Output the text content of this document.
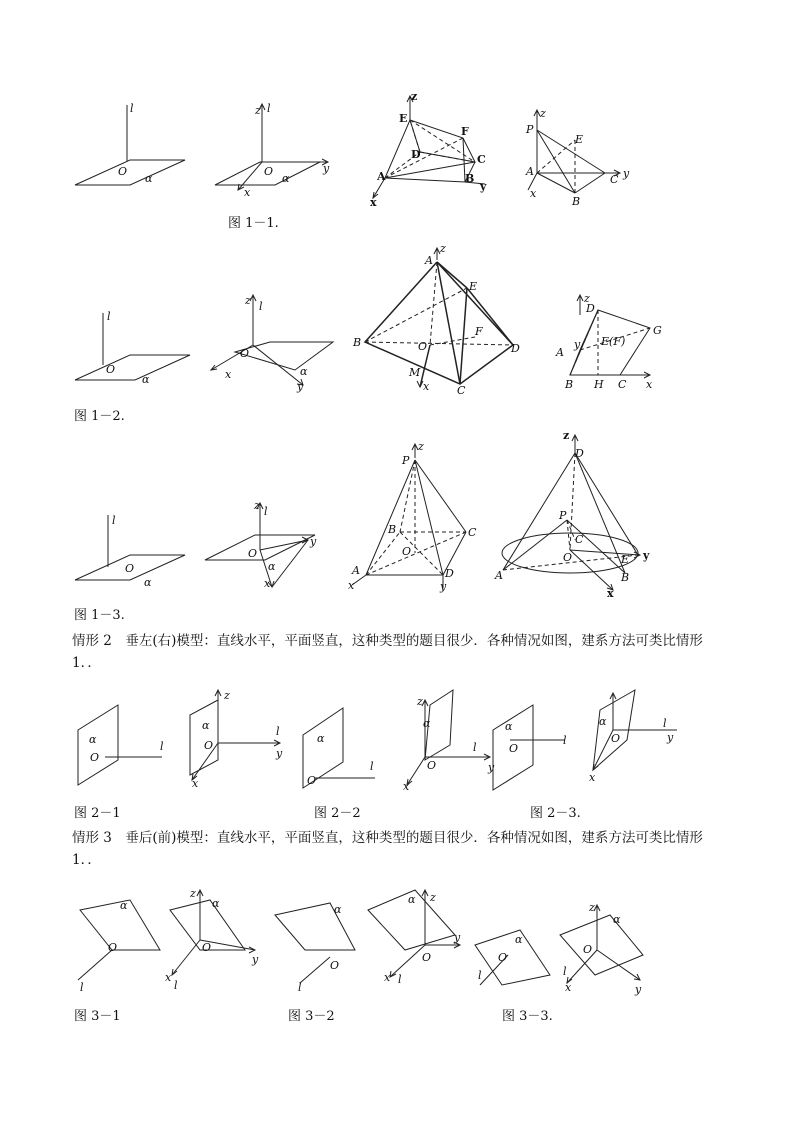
l
O
α
z l
y
x
O
α
z
E
F
C
D
A	B
y
x
P
z
E
A
C y
x
B
图 1－1.
l
O
α
z l
O
x
y
α
z
A
E
B	O
F
D
M
x	C
z
D
G
E(F)
A
y
B H C x
图 1－2.
l
O
α
z l
O
y
x
α
z
P
B	C
O
A	D
x	y
z
D
P
C
O	E y
A	B
x
图 1－3.
情形 2　垂左(右)模型：直线水平，平面竖直，这种类型的题目很少．各种情况如图，建系方法可类比情形 1．．
α
O
l
z
α
O
l
y
x
α
O
l
z
α
O
l
y
x
α
O
l
α
O
l
y
x
图 2－1	图 2－2	图 2－3.
情形 3　垂后(前)模型：直线水平，平面竖直，这种类型的题目很少．各种情况如图，建系方法可类比情形 1．．
α
O
l
z
α
O
y
x
l
α
O
l
z
α
O
y
x l
α
O
l
z
α
O
y
x
l
图 3－1	图 3－2	图 3－3.
